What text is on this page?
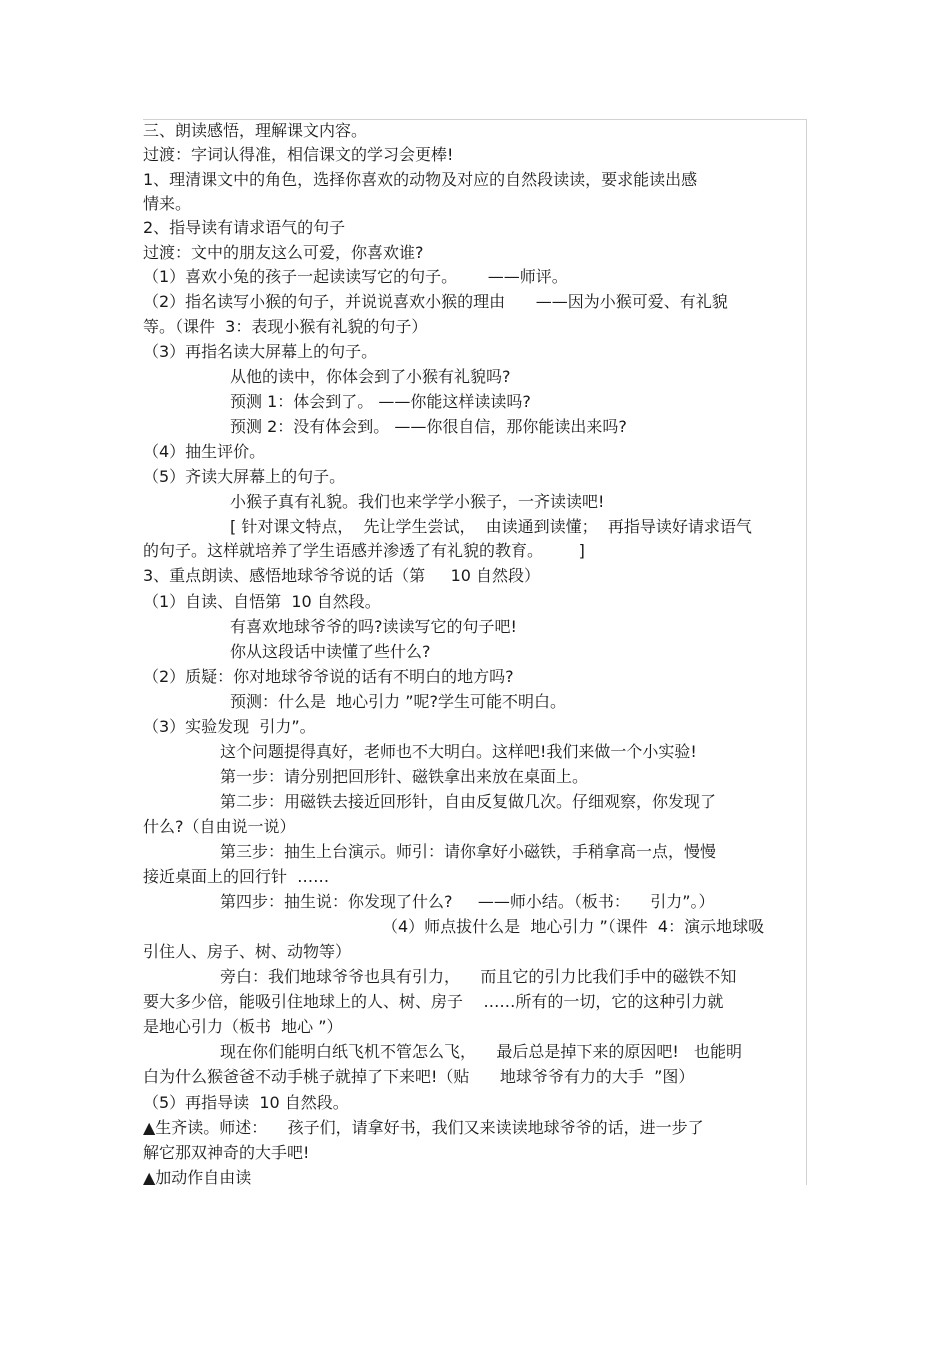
三、朗读感悟，理解课文内容。
过渡：字词认得准，相信课文的学习会更棒!
1、理清课文中的角色，选择你喜欢的动物及对应的自然段读读，要求能读出感
情来。
2、指导读有请求语气的句子
过渡：文中的朋友这么可爱，你喜欢谁?
（1）喜欢小兔的孩子一起读读写它的句子。      ——师评。
（2）指名读写小猴的句子，并说说喜欢小猴的理由      ——因为小猴可爱、有礼貌
等。（课件  3：表现小猴有礼貌的句子）
（3）再指名读大屏幕上的句子。
从他的读中，你体会到了小猴有礼貌吗?
预测 1：体会到了。 ——你能这样读读吗?
预测 2：没有体会到。 ——你很自信，那你能读出来吗?
（4）抽生评价。
（5）齐读大屏幕上的句子。
小猴子真有礼貌。我们也来学学小猴子，一齐读读吧!
[ 针对课文特点，  先让学生尝试，  由读通到读懂；  再指导读好请求语气
的句子。这样就培养了学生语感并渗透了有礼貌的教育。       ]
3、重点朗读、感悟地球爷爷说的话（第     10 自然段）
（1）自读、自悟第  10 自然段。
有喜欢地球爷爷的吗?读读写它的句子吧!
你从这段话中读懂了些什么?
（2）质疑：你对地球爷爷说的话有不明白的地方吗?
预测：什么是  地心引力 ”呢?学生可能不明白。
（3）实验发现  引力”。
这个问题提得真好，老师也不大明白。这样吧!我们来做一个小实验!
第一步：请分别把回形针、磁铁拿出来放在桌面上。
第二步：用磁铁去接近回形针，自由反复做几次。仔细观察，你发现了
什么?（自由说一说）
第三步：抽生上台演示。师引：请你拿好小磁铁，手稍拿高一点，慢慢
接近桌面上的回行针  ……
第四步：抽生说：你发现了什么?     ——师小结。（板书：    引力”。）
（4）师点拔什么是  地心引力 ”（课件  4：演示地球吸
引住人、房子、树、动物等）
旁白：我们地球爷爷也具有引力，    而且它的引力比我们手中的磁铁不知
要大多少倍，能吸引住地球上的人、树、房子    ……所有的一切，它的这种引力就
是地心引力（板书  地心 ”）
现在你们能明白纸飞机不管怎么飞，    最后总是掉下来的原因吧!   也能明
白为什么猴爸爸不动手桃子就掉了下来吧!（贴      地球爷爷有力的大手  ”图）
（5）再指导读  10 自然段。
▲生齐读。师述：    孩子们，请拿好书，我们又来读读地球爷爷的话，进一步了
解它那双神奇的大手吧!
▲加动作自由读
